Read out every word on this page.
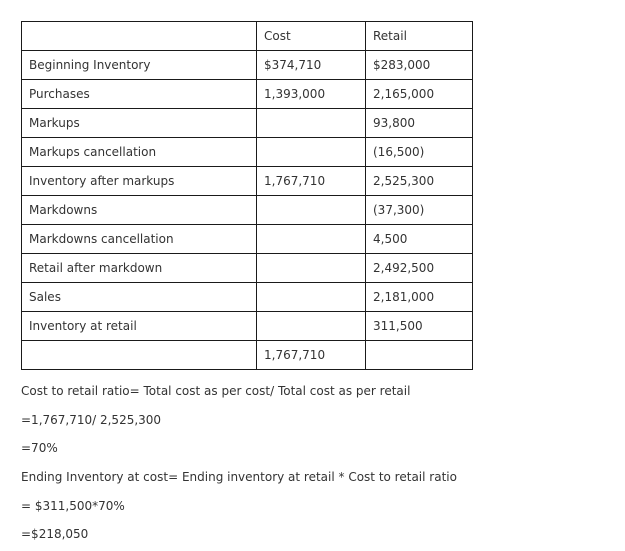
	Cost	Retail
Beginning Inventory	$374,710	$283,000
Purchases	1,393,000	2,165,000
Markups		93,800
Markups cancellation		(16,500)
Inventory after markups	1,767,710	2,525,300
Markdowns		(37,300)
Markdowns cancellation		4,500
Retail after markdown		2,492,500
Sales		2,181,000
Inventory at retail		311,500
	1,767,710	

Cost to retail ratio= Total cost as per cost/ Total cost as per retail

=1,767,710/ 2,525,300

=70%

Ending Inventory at cost= Ending inventory at retail * Cost to retail ratio

= $311,500*70%

=$218,050
